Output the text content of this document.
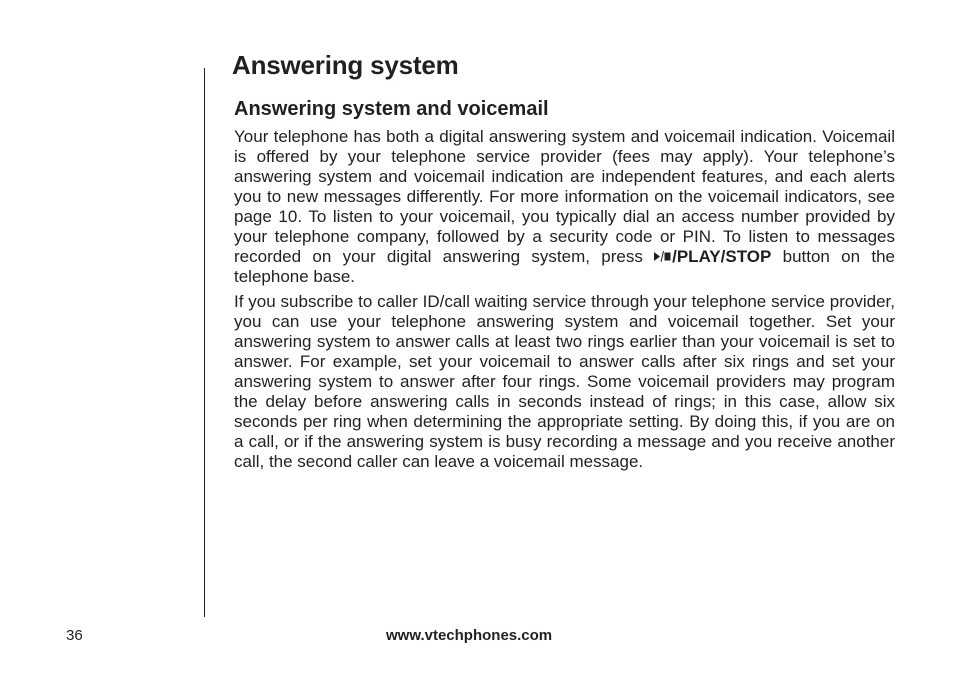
Answering system
Answering system and voicemail

Your telephone has both a digital answering system and voicemail indication. Voicemail is offered by your telephone service provider (fees may apply). Your telephone’s answering system and voicemail indication are independent features, and each alerts you to new messages differently. For more information on the voicemail indicators, see page 10. To listen to your voicemail, you typically dial an access number provided by your telephone company, followed by a security code or PIN. To listen to messages recorded on your digital answering system, press /PLAY/STOP button on the telephone base.

If you subscribe to caller ID/call waiting service through your telephone service provider, you can use your telephone answering system and voicemail together. Set your answering system to answer calls at least two rings earlier than your voicemail is set to answer. For example, set your voicemail to answer calls after six rings and set your answering system to answer after four rings. Some voicemail providers may program the delay before answering calls in seconds instead of rings; in this case, allow six seconds per ring when determining the appropriate setting. By doing this, if you are on a call, or if the answering system is busy recording a message and you receive another call, the second caller can leave a voicemail message.

36	www.vtechphones.com
